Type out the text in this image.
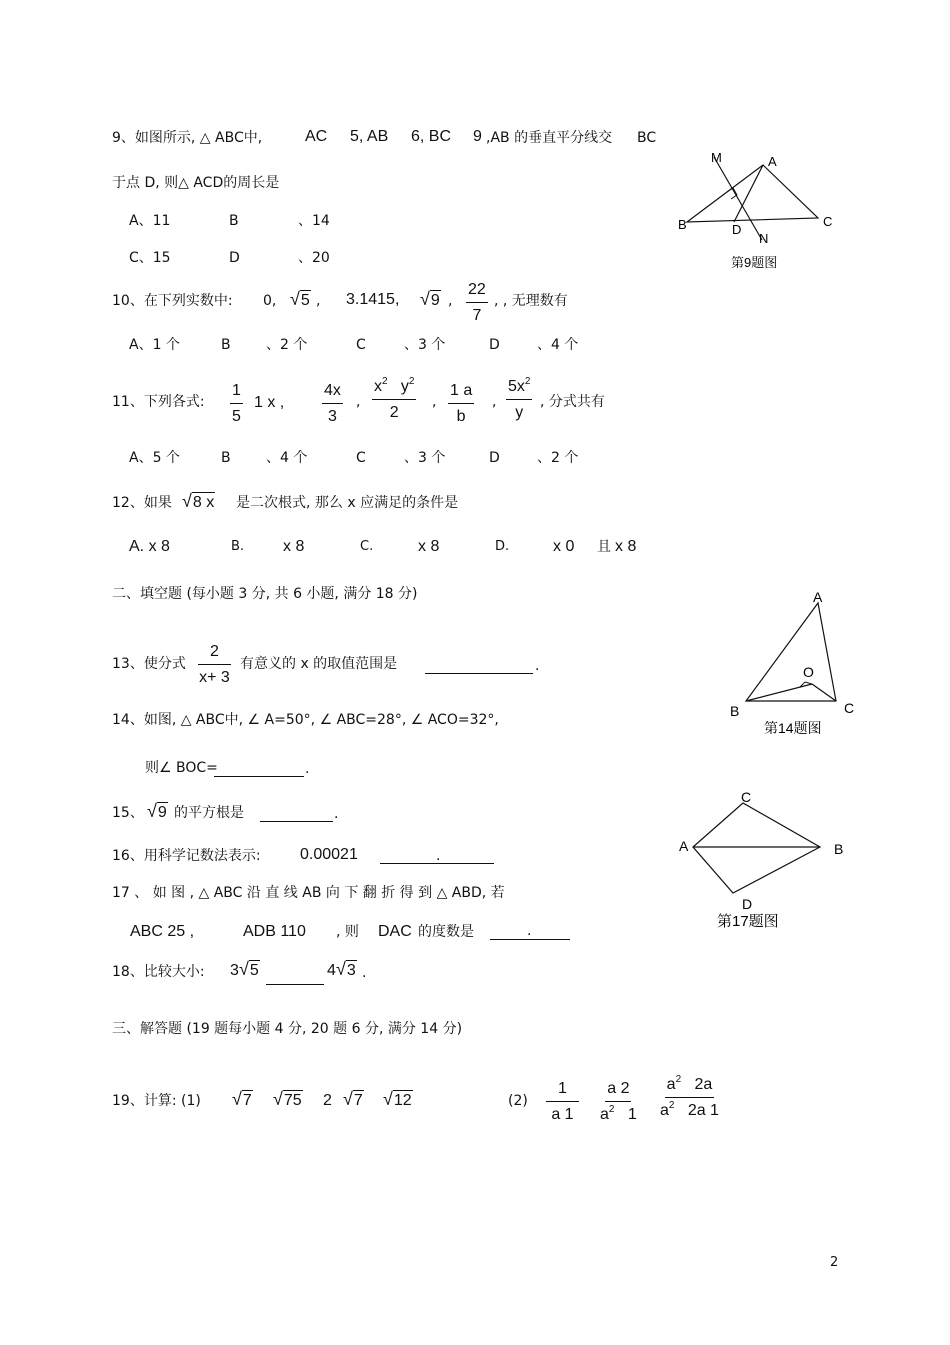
9、如图所示, △ ABC中,	AC 5, AB 6, BC 9 ,AB 的垂直平分线交 BC
于点 D, 则△ ACD的周长是
A、11	B	、14
C、15	D	、20
M	A
B	C
D
N
第9题图
10、在下列实数中: 0, √5 , 3.1415, √9 , $\frac{22}{7}$ , , 无理数有
A、1 个	B	、2 个	C	、3 个	D	、4 个
11、下列各式: $\frac{1}{5} 1$ x , $\frac{4x}{3}$ , $\frac{x^2 y^2}{2}$ , $\frac{1 a}{b}$ , $\frac{5x^2}{y}$ , 分式共有
A、5 个	B	、4 个	C	、3 个	D	、2 个
12、如果 √8 x 是二次根式, 那么 x 应满足的条件是
A. x 8	B. x 8	C.	x 8	D.	x 0 且 x 8
二、填空题 (每小题 3 分, 共 6 小题, 满分 18 分)
13、使分式 $\frac{2}{x+ 3}$ 有意义的 x 的取值范围是	.
14、如图, △ ABC中, ∠ A=50°, ∠ ABC=28°, ∠ ACO=32°,
则∠ BOC=	.
A
O
B	C
第14题图
15、 √9 的平方根是	.
16、用科学记数法表示: 0.00021	.
C
A	B
D
第17题图
17 、 如 图 , △ ABC 沿 直 线 AB 向 下 翻 折 得 到 △ ABD, 若
ABC 25 ,	ADB 110 , 则 DAC 的度数是	.
18、比较大小: 3 √5	4 √3 .
三、解答题 (19 题每小题 4 分, 20 题 6 分, 满分 14 分)
19、计算: (1) √7 √75 2 √7 √12	$(2) \frac{1}{a 1} \frac{a 2}{a^2 1} \frac{a^2 2a}{a^2 2a 1}$
2
